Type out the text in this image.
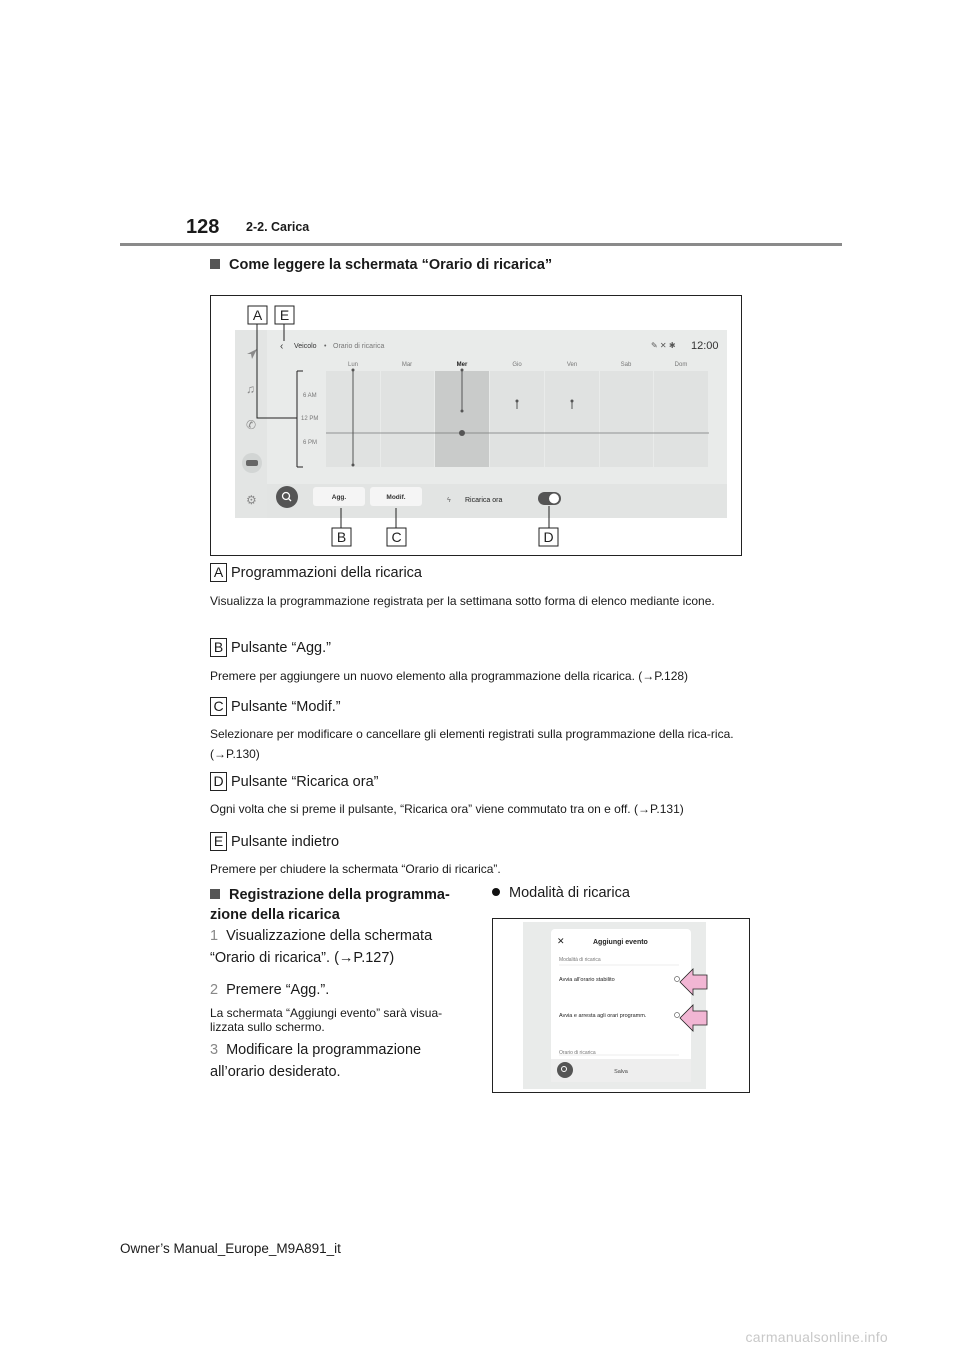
128 2-2. Carica
Come leggere la schermata “Orario di ricarica”
♫
✆
⚙
‹ Veicolo • Orario di ricarica	✎ ✕ ✱ 12:00
Lun	Mar	Mer	Gio	Ven	Sab	Dom
6 AM
12 PM
6 PM
Agg.	Modif.	ϟ Ricarica ora
A E
B	C	D
A Programmazioni della ricarica
Visualizza la programmazione registrata per la settimana sotto forma di elenco mediante icone.
B Pulsante “Agg.”
Premere per aggiungere un nuovo elemento alla programmazione della ricarica. (→P.128)
C Pulsante “Modif.”
Selezionare per modificare o cancellare gli elementi registrati sulla programmazione della rica-rica. (→P.130)
D Pulsante “Ricarica ora”
Ogni volta che si preme il pulsante, “Ricarica ora” viene commutato tra on e off. (→P.131)
E Pulsante indietro
Premere per chiudere la schermata “Orario di ricarica”.
Registrazione della programma-zione della ricarica
1 Visualizzazione della schermata “Orario di ricarica”. (→P.127)
2 Premere “Agg.”.
La schermata “Aggiungi evento” sarà visua-lizzata sullo schermo.
3 Modificare la programmazione all’orario desiderato.
Modalità di ricarica
✕	Aggiungi evento
Modalità di ricarica
Avvia all'orario stabilito
Avvia e arresta agli orari programm.
Orario di ricarica
Salva
Owner’s Manual_Europe_M9A891_it
carmanualsonline.info
